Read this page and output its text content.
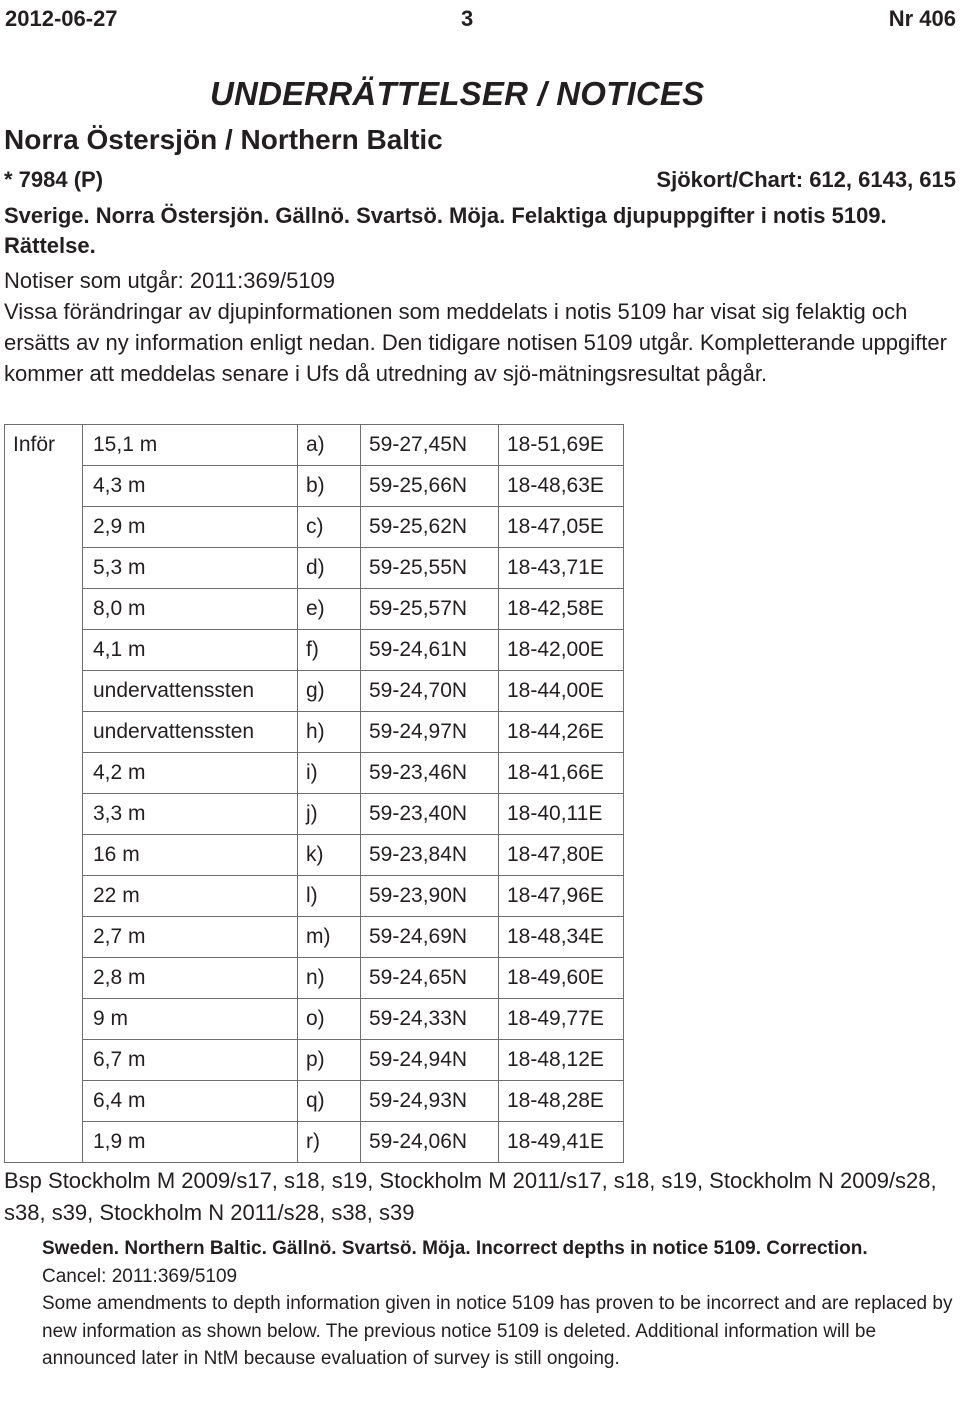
2012-06-27	3	Nr 406
UNDERRÄTTELSER / NOTICES
Norra Östersjön / Northern Baltic
* 7984 (P)	Sjökort/Chart: 612, 6143, 615
Sverige. Norra Östersjön. Gällnö. Svartsö. Möja. Felaktiga djupuppgifter i notis 5109. Rättelse.

Notiser som utgår: 2011:369/5109

Vissa förändringar av djupinformationen som meddelats i notis 5109 har visat sig felaktig och ersätts av ny information enligt nedan. Den tidigare notisen 5109 utgår. Kompletterande uppgifter kommer att meddelas senare i Ufs då utredning av sjö-mätningsresultat pågår.

Inför	15,1 m	a)	59-27,45N	18-51,69E
	4,3 m	b)	59-25,66N	18-48,63E
	2,9 m	c)	59-25,62N	18-47,05E
	5,3 m	d)	59-25,55N	18-43,71E
	8,0 m	e)	59-25,57N	18-42,58E
	4,1 m	f)	59-24,61N	18-42,00E
	undervattenssten	g)	59-24,70N	18-44,00E
	undervattenssten	h)	59-24,97N	18-44,26E
	4,2 m	i)	59-23,46N	18-41,66E
	3,3 m	j)	59-23,40N	18-40,11E
	16 m	k)	59-23,84N	18-47,80E
	22 m	l)	59-23,90N	18-47,96E
	2,7 m	m)	59-24,69N	18-48,34E
	2,8 m	n)	59-24,65N	18-49,60E
	9 m	o)	59-24,33N	18-49,77E
	6,7 m	p)	59-24,94N	18-48,12E
	6,4 m	q)	59-24,93N	18-48,28E
	1,9 m	r)	59-24,06N	18-49,41E
Bsp Stockholm M 2009/s17, s18, s19, Stockholm M 2011/s17, s18, s19, Stockholm N 2009/s28, s38, s39, Stockholm N 2011/s28, s38, s39

Sweden. Northern Baltic. Gällnö. Svartsö. Möja. Incorrect depths in notice 5109. Correction.

Cancel: 2011:369/5109

Some amendments to depth information given in notice 5109 has proven to be incorrect and are replaced by new information as shown below. The previous notice 5109 is deleted. Additional information will be announced later in NtM because evaluation of survey is still ongoing.
